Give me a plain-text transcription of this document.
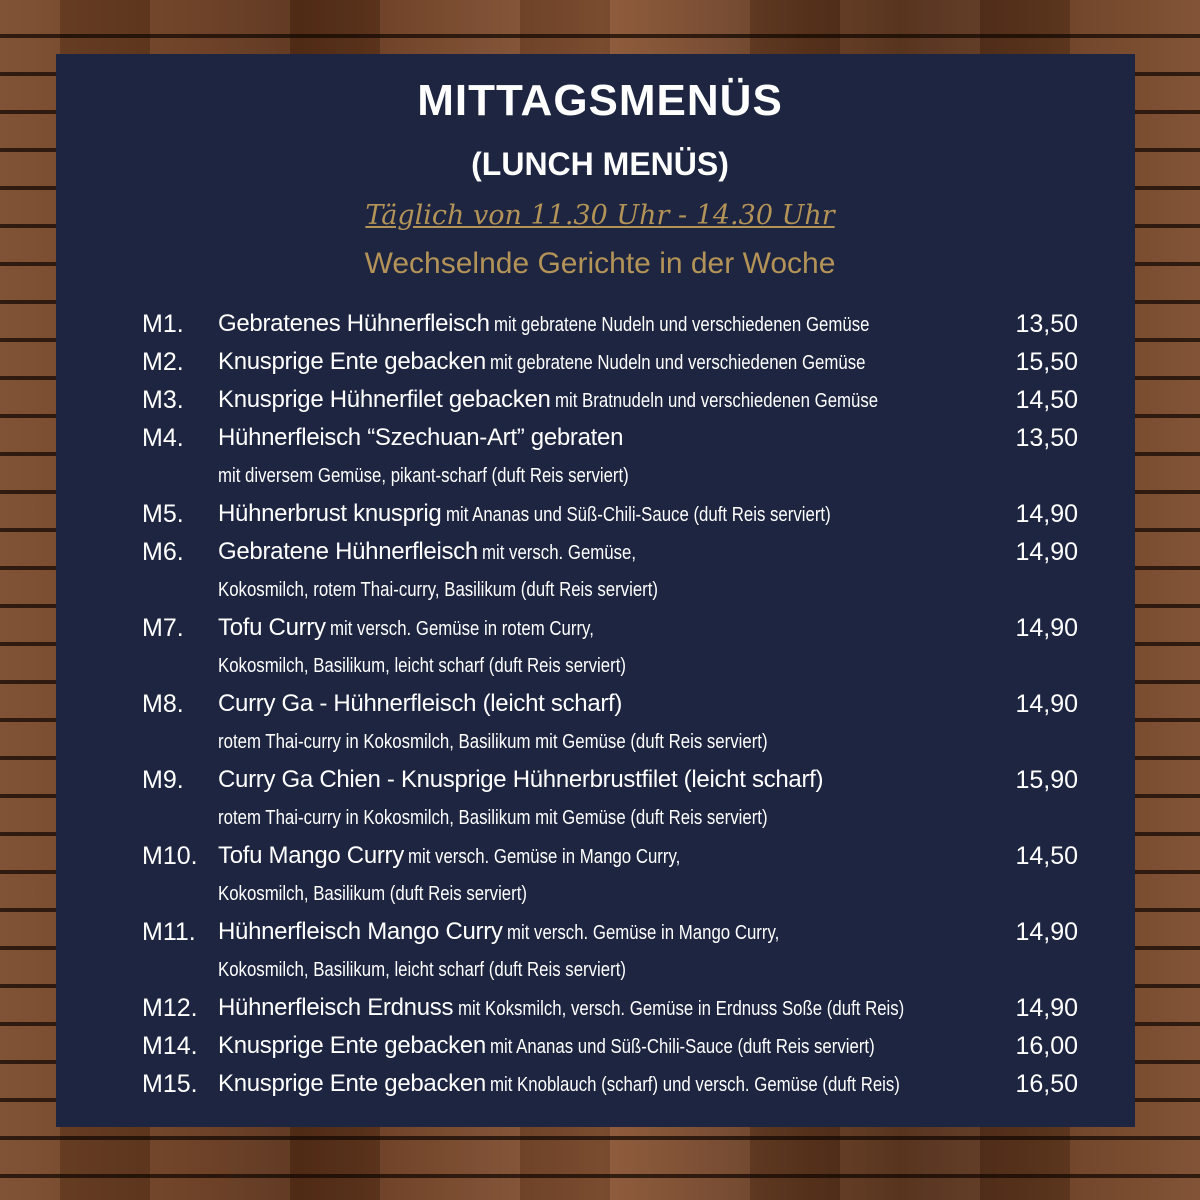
MITTAGSMENÜS
(LUNCH MENÜS)
Täglich von 11.30 Uhr - 14.30 Uhr
Wechselnde Gerichte in der Woche
M1. Gebratenes Hühnerfleisch mit gebratene Nudeln und verschiedenen Gemüse	13,50
M2. Knusprige Ente gebacken mit gebratene Nudeln und verschiedenen Gemüse	15,50
M3. Knusprige Hühnerfilet gebacken mit Bratnudeln und verschiedenen Gemüse	14,50
M4. Hühnerfleisch “Szechuan-Art” gebraten	13,50
mit diversem Gemüse, pikant-scharf (duft Reis serviert)
M5. Hühnerbrust knusprig mit Ananas und Süß-Chili-Sauce (duft Reis serviert)	14,90
M6. Gebratene Hühnerfleisch mit versch. Gemüse,	14,90
Kokosmilch, rotem Thai-curry, Basilikum (duft Reis serviert)
M7. Tofu Curry mit versch. Gemüse in rotem Curry,	14,90
Kokosmilch, Basilikum, leicht scharf (duft Reis serviert)
M8. Curry Ga - Hühnerfleisch (leicht scharf)	14,90
rotem Thai-curry in Kokosmilch, Basilikum mit Gemüse (duft Reis serviert)
M9. Curry Ga Chien - Knusprige Hühnerbrustfilet (leicht scharf)	15,90
rotem Thai-curry in Kokosmilch, Basilikum mit Gemüse (duft Reis serviert)
M10. Tofu Mango Curry mit versch. Gemüse in Mango Curry,	14,50
Kokosmilch, Basilikum (duft Reis serviert)
M11. Hühnerfleisch Mango Curry mit versch. Gemüse in Mango Curry,	14,90
Kokosmilch, Basilikum, leicht scharf (duft Reis serviert)
M12. Hühnerfleisch Erdnuss mit Koksmilch, versch. Gemüse in Erdnuss Soße (duft Reis)	14,90
M14. Knusprige Ente gebacken mit Ananas und Süß-Chili-Sauce (duft Reis serviert)	16,00
M15. Knusprige Ente gebacken mit Knoblauch (scharf) und versch. Gemüse (duft Reis)	16,50
